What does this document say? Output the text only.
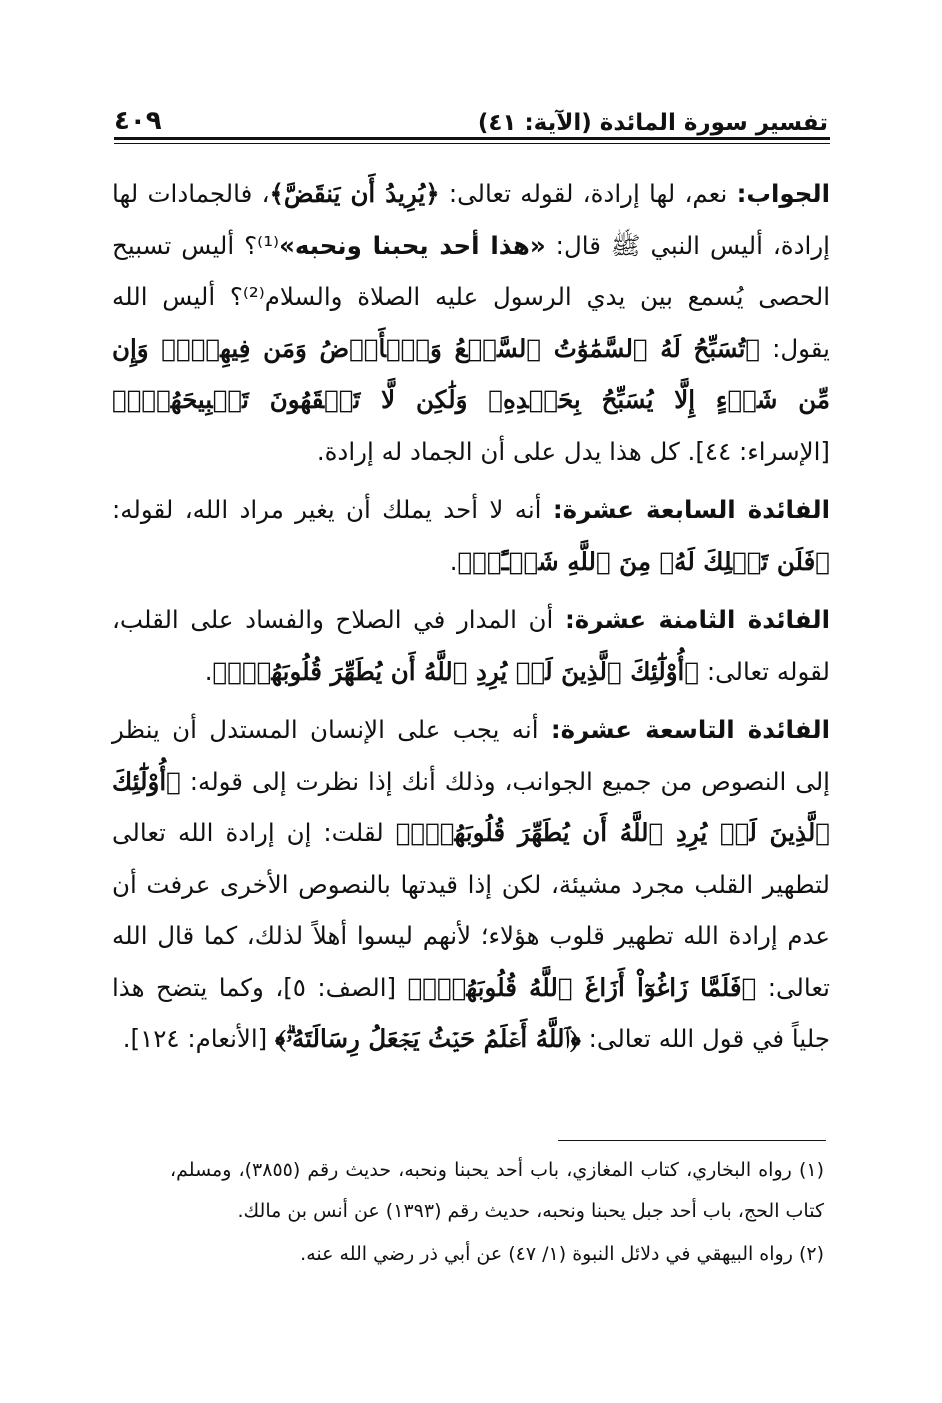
تفسير سورة المائدة (الآية: ٤١)
٤٠٩

الجواب: نعم، لها إرادة، لقوله تعالى: ﴿يُرِيدُ أَن يَنقَضَّ﴾، فالجمادات لها إرادة، أليس النبي ﷺ قال: «هذا أحد يحبنا ونحبه»⁽¹⁾؟ أليس تسبيح الحصى يُسمع بين يدي الرسول عليه الصلاة والسلام⁽²⁾؟ أليس الله يقول: ﴿تُسَبِّحُ لَهُ ٱلسَّمَٰوَٰتُ ٱلسَّبۡعُ وَٱلۡأَرۡضُ وَمَن فِيهِنَّۚ وَإِن مِّن شَيۡءٍ إِلَّا يُسَبِّحُ بِحَمۡدِهِۦ وَلَٰكِن لَّا تَفۡقَهُونَ تَسۡبِيحَهُمۡۗ﴾ [الإسراء: ٤٤]. كل هذا يدل على أن الجماد له إرادة.

الفائدة السابعة عشرة: أنه لا أحد يملك أن يغير مراد الله، لقوله: ﴿فَلَن تَمۡلِكَ لَهُۥ مِنَ ٱللَّهِ شَيۡـًٔاۚ﴾.

الفائدة الثامنة عشرة: أن المدار في الصلاح والفساد على القلب، لقوله تعالى: ﴿أُوْلَٰٓئِكَ ٱلَّذِينَ لَمۡ يُرِدِ ٱللَّهُ أَن يُطَهِّرَ قُلُوبَهُمۡۚ﴾.

الفائدة التاسعة عشرة: أنه يجب على الإنسان المستدل أن ينظر إلى النصوص من جميع الجوانب، وذلك أنك إذا نظرت إلى قوله: ﴿أُوْلَٰٓئِكَ ٱلَّذِينَ لَمۡ يُرِدِ ٱللَّهُ أَن يُطَهِّرَ قُلُوبَهُمۡۚ﴾ لقلت: إن إرادة الله تعالى لتطهير القلب مجرد مشيئة، لكن إذا قيدتها بالنصوص الأخرى عرفت أن عدم إرادة الله تطهير قلوب هؤلاء؛ لأنهم ليسوا أهلاً لذلك، كما قال الله تعالى: ﴿فَلَمَّا زَاغُوٓاْ أَزَاغَ ٱللَّهُ قُلُوبَهُمۡۚ﴾ [الصف: ٥]، وكما يتضح هذا جلياً في قول الله تعالى: ﴿ٱللَّهُ أَعۡلَمُ حَيۡثُ يَجۡعَلُ رِسَالَتَهُۥۗ﴾ [الأنعام: ١٢٤].

(١) رواه البخاري، كتاب المغازي، باب أحد يحبنا ونحبه، حديث رقم (٣٨٥٥)، ومسلم، كتاب الحج، باب أحد جبل يحبنا ونحبه، حديث رقم (١٣٩٣) عن أنس بن مالك.

(٢) رواه البيهقي في دلائل النبوة (١/ ٤٧) عن أبي ذر رضي الله عنه.
